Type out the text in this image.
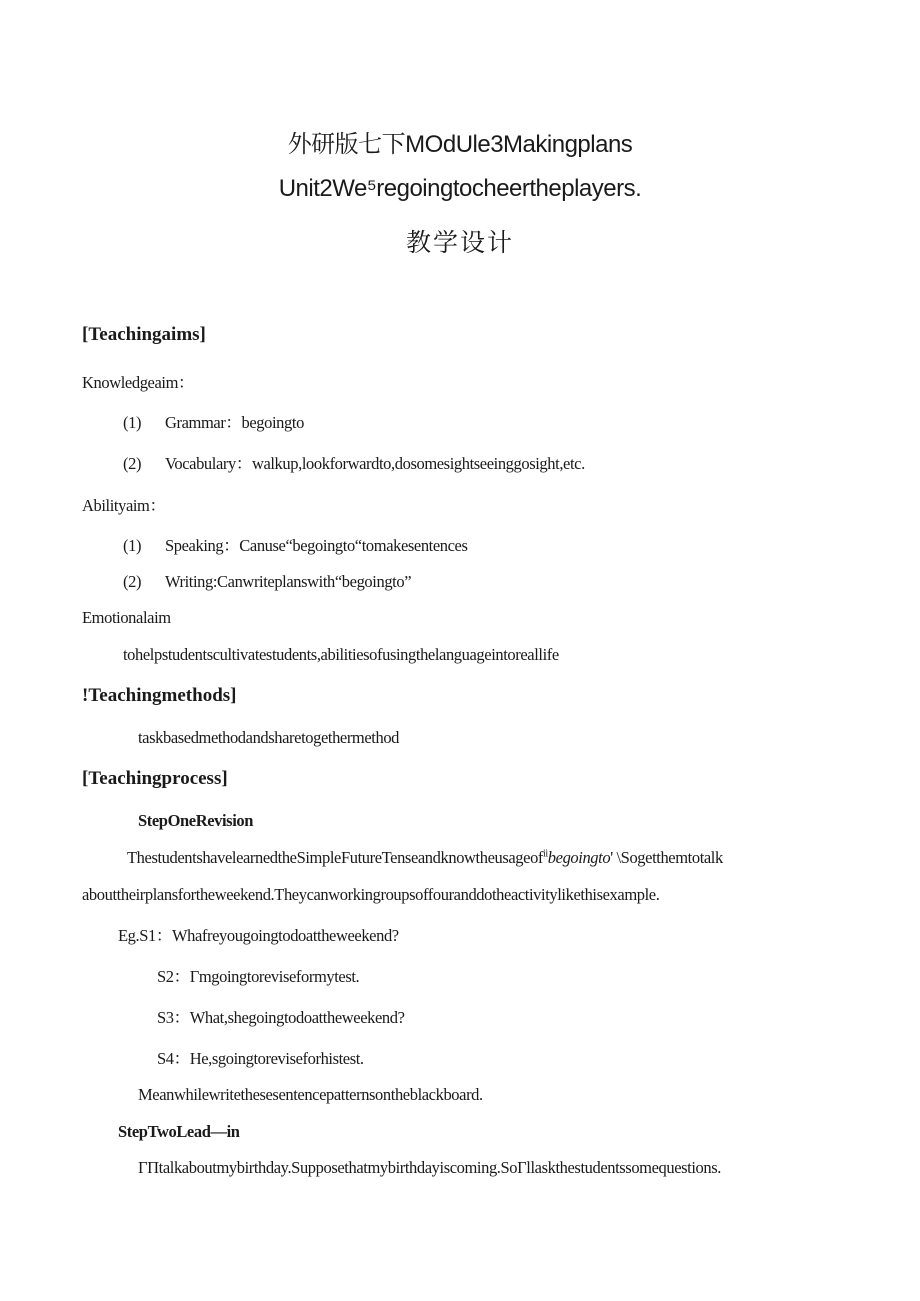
外研版七下MOdUle3Makingplans
Unit2We⁵regoingtocheertheplayers.
教学设计
[Teachingaims]
Knowledgeaim：
(1) Grammar：begoingto
(2) Vocabulary：walkup,lookforwardto,dosomesightseeinggosight,etc.
Abilityaim：
(1) Speaking：Canuse“begoingto“tomakesentences
(2) Writing:Canwriteplanswith“begoingto”
Emotionalaim
tohelpstudentscultivatestudents,abilitiesofusingthelanguageintoreallife
!Teachingmethods]
taskbasedmethodandsharetogethermethod
[Teachingprocess]
StepOneRevision
ThestudentshavelearnedtheSimpleFutureTenseandknowtheusageof$^{ii}$begoingto' \Sogetthemtotalk
abouttheirplansfortheweekend.Theycanworkingroupsoffouranddotheactivitylikethisexample.
Eg.S1：Whafreyougoingtodoattheweekend?
S2：Γmgoingtoreviseformytest.
S3：What,shegoingtodoattheweekend?
S4：He,sgoingtoreviseforhistest.
Meanwhilewritethesesentencepatternsontheblackboard.
StepTwoLead—in
ΓΠtalkaboutmybirthday.Supposethatmybirthdayiscoming.SoΓllaskthestudentssomequestions.
